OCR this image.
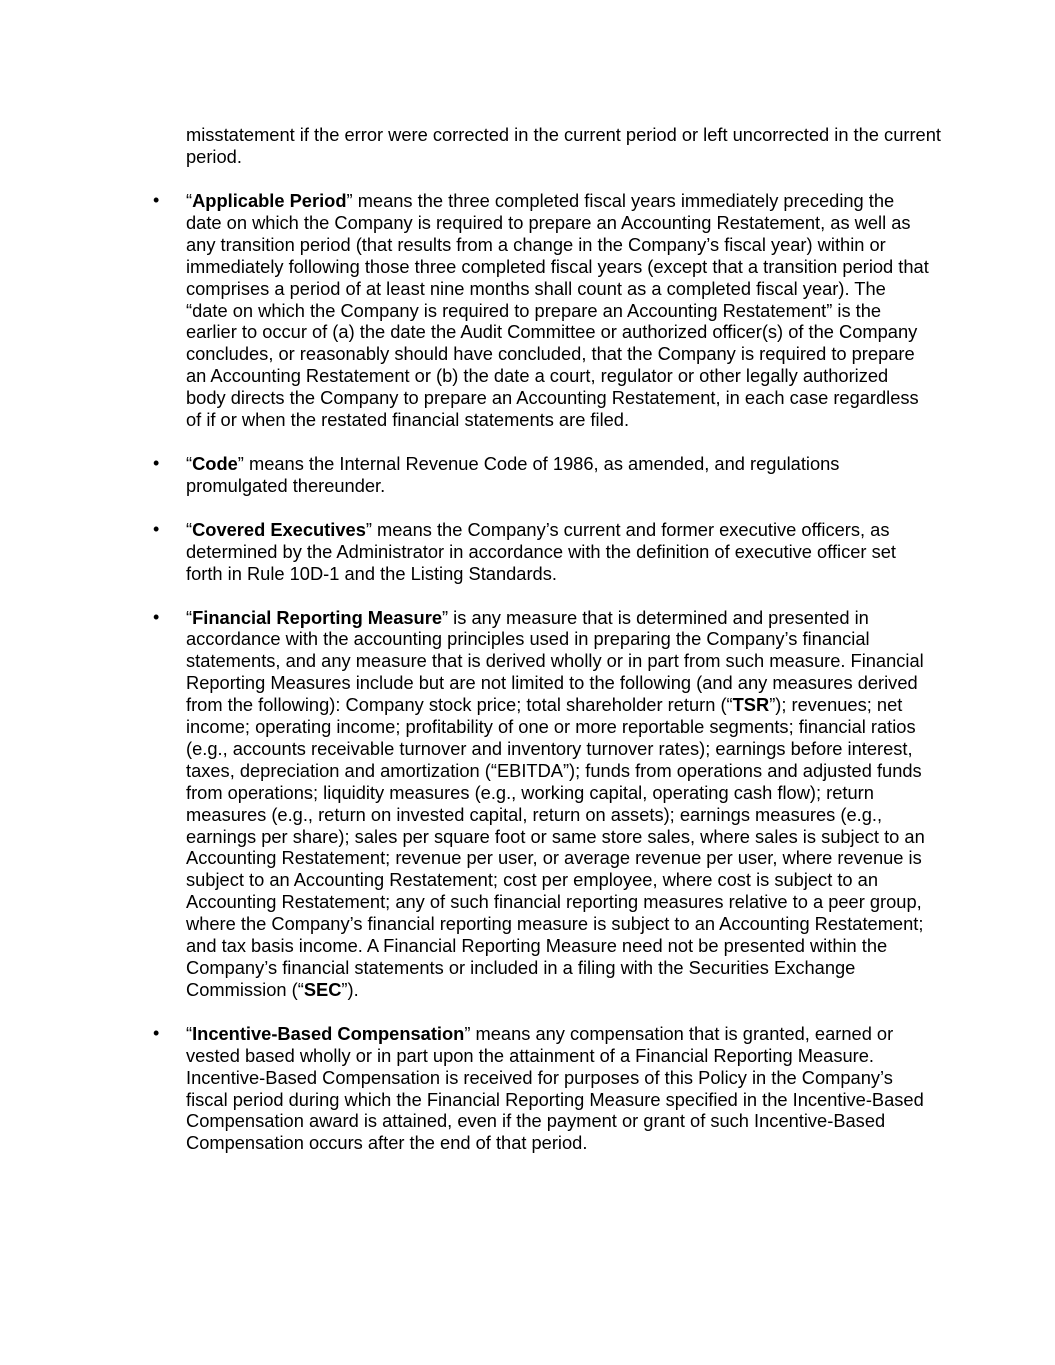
misstatement if the error were corrected in the current period or left uncorrected in the current period.

• “Applicable Period” means the three completed fiscal years immediately preceding the date on which the Company is required to prepare an Accounting Restatement, as well as any transition period (that results from a change in the Company’s fiscal year) within or immediately following those three completed fiscal years (except that a transition period that comprises a period of at least nine months shall count as a completed fiscal year). The “date on which the Company is required to prepare an Accounting Restatement” is the earlier to occur of (a) the date the Audit Committee or authorized officer(s) of the Company concludes, or reasonably should have concluded, that the Company is required to prepare an Accounting Restatement or (b) the date a court, regulator or other legally authorized body directs the Company to prepare an Accounting Restatement, in each case regardless of if or when the restated financial statements are filed.
• “Code” means the Internal Revenue Code of 1986, as amended, and regulations promulgated thereunder.
• “Covered Executives” means the Company’s current and former executive officers, as determined by the Administrator in accordance with the definition of executive officer set forth in Rule 10D-1 and the Listing Standards.
• “Financial Reporting Measure” is any measure that is determined and presented in accordance with the accounting principles used in preparing the Company’s financial statements, and any measure that is derived wholly or in part from such measure. Financial Reporting Measures include but are not limited to the following (and any measures derived from the following): Company stock price; total shareholder return (“TSR”); revenues; net income; operating income; profitability of one or more reportable segments; financial ratios (e.g., accounts receivable turnover and inventory turnover rates); earnings before interest, taxes, depreciation and amortization (“EBITDA”); funds from operations and adjusted funds from operations; liquidity measures (e.g., working capital, operating cash flow); return measures (e.g., return on invested capital, return on assets); earnings measures (e.g., earnings per share); sales per square foot or same store sales, where sales is subject to an Accounting Restatement; revenue per user, or average revenue per user, where revenue is subject to an Accounting Restatement; cost per employee, where cost is subject to an Accounting Restatement; any of such financial reporting measures relative to a peer group, where the Company’s financial reporting measure is subject to an Accounting Restatement; and tax basis income. A Financial Reporting Measure need not be presented within the Company’s financial statements or included in a filing with the Securities Exchange Commission (“SEC”).
• “Incentive-Based Compensation” means any compensation that is granted, earned or vested based wholly or in part upon the attainment of a Financial Reporting Measure. Incentive-Based Compensation is received for purposes of this Policy in the Company’s fiscal period during which the Financial Reporting Measure specified in the Incentive-Based Compensation award is attained, even if the payment or grant of such Incentive-Based Compensation occurs after the end of that period.
